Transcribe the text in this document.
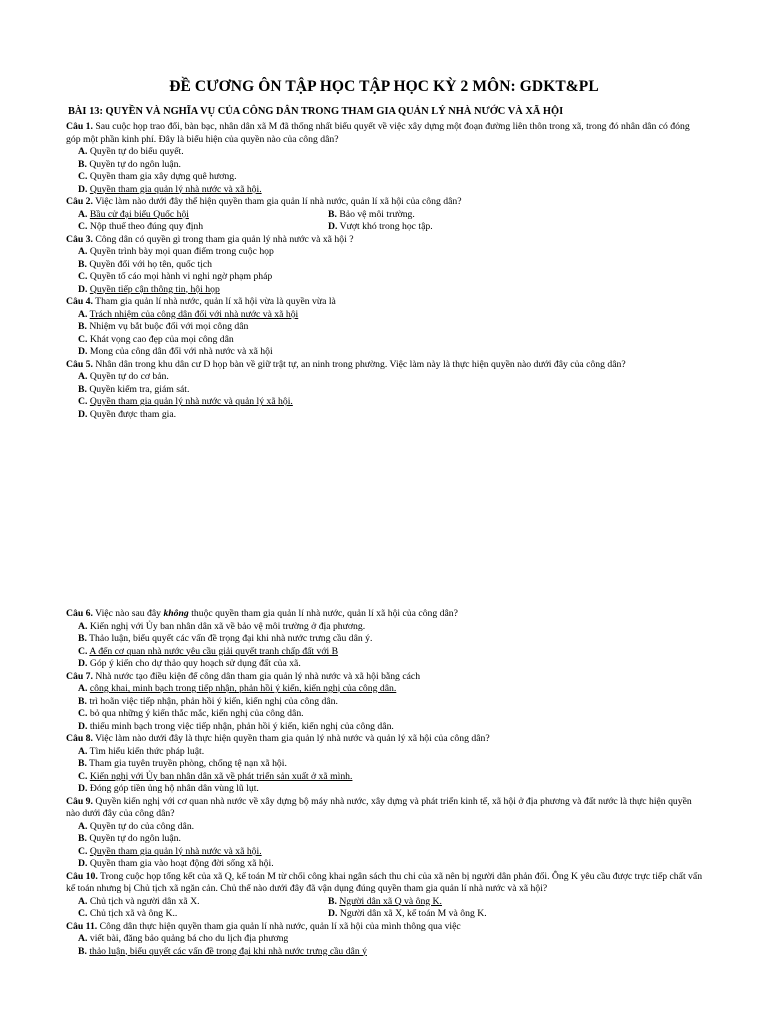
ĐỀ CƯƠNG ÔN TẬP HỌC TẬP HỌC KỲ 2 MÔN: GDKT&PL
BÀI 13: QUYỀN VÀ NGHĨA VỤ CỦA CÔNG DÂN TRONG THAM GIA QUẢN LÝ NHÀ NƯỚC VÀ XÃ HỘI

Câu 1. Sau cuộc họp trao đổi, bàn bạc, nhân dân xã M đã thống nhất biểu quyết về việc xây dựng một đoạn đường liên thôn trong xã, trong đó nhân dân có đóng góp một phần kinh phí. Đây là biểu hiện của quyền nào của công dân?

A. Quyền tự do biểu quyết.

B. Quyền tự do ngôn luận.

C. Quyền tham gia xây dựng quê hương.

D. Quyền tham gia quản lý nhà nước và xã hội.

Câu 2. Việc làm nào dưới đây thể hiện quyền tham gia quản lí nhà nước, quản lí xã hội của công dân?

A. Bầu cử đại biểu Quốc hội	B. Bảo vệ môi trường.
C. Nộp thuế theo đúng quy định	D. Vượt khó trong học tập.

Câu 3. Công dân có quyền gì trong tham gia quản lý nhà nước và xã hội ?

A. Quyền trình bày mọi quan điểm trong cuộc họp

B. Quyền đổi với họ tên, quốc tịch

C. Quyền tố cáo mọi hành vi nghi ngờ phạm pháp

D. Quyền tiếp cận thông tin, hội họp

Câu 4. Tham gia quản lí nhà nước, quản lí xã hội vừa là quyền vừa là

A. Trách nhiệm của công dân đối với nhà nước và xã hội

B. Nhiệm vụ bắt buộc đối với mọi công dân

C. Khát vọng cao đẹp của mọi công dân

D. Mong của công dân đối với nhà nước và xã hội

Câu 5. Nhân dân trong khu dân cư D họp bàn về giữ trật tự, an ninh trong phường. Việc làm này là thực hiện quyền nào dưới đây của công dân?

A. Quyền tự do cơ bản.

B. Quyền kiểm tra, giám sát.

C. Quyền tham gia quản lý nhà nước và quản lý xã hội.

D. Quyền được tham gia.

Câu 6. Việc nào sau đây không thuộc quyền tham gia quản lí nhà nước, quản lí xã hội của công dân?

A. Kiến nghị với Ủy ban nhân dân xã về bảo vệ môi trường ở địa phương.

B. Thảo luận, biểu quyết các vấn đề trọng đại khi nhà nước trưng cầu dân ý.

C. A đến cơ quan nhà nước yêu cầu giải quyết tranh chấp đất với B

D. Góp ý kiến cho dự thảo quy hoạch sử dụng đất của xã.

Câu 7. Nhà nước tạo điều kiện để công dân tham gia quản lý nhà nước và xã hội bằng cách

A. công khai, minh bạch trong tiếp nhận, phản hồi ý kiến, kiến nghị của công dân.

B. trì hoãn việc tiếp nhận, phản hồi ý kiến, kiến nghị của công dân.

C. bỏ qua những ý kiến thắc mắc, kiến nghị của công dân.

D. thiếu minh bạch trong việc tiếp nhận, phản hồi ý kiến, kiến nghị của công dân.

Câu 8. Việc làm nào dưới đây là thực hiện quyền tham gia quản lý nhà nước và quản lý xã hội của công dân?

A. Tìm hiểu kiến thức pháp luật.

B. Tham gia tuyên truyền phòng, chống tệ nạn xã hội.

C. Kiến nghị với Ủy ban nhân dân xã về phát triển sản xuất ở xã mình.

D. Đóng góp tiền ủng hộ nhân dân vùng lũ lụt.

Câu 9. Quyền kiến nghị với cơ quan nhà nước về xây dựng bộ máy nhà nước, xây dựng và phát triển kinh tế, xã hội ở địa phương và đất nước là thực hiện quyền nào dưới đây của công dân?

A. Quyền tự do của công dân.

B. Quyền tự do ngôn luận.

C. Quyền tham gia quản lý nhà nước và xã hội.

D. Quyền tham gia vào hoạt động đời sống xã hội.

Câu 10. Trong cuộc họp tổng kết của xã Q, kế toán M từ chối công khai ngân sách thu chi của xã nên bị người dân phản đối. Ông K yêu cầu được trực tiếp chất vấn kế toán nhưng bị Chủ tịch xã ngăn cản. Chủ thể nào dưới đây đã vận dụng đúng quyền tham gia quản lí nhà nước và xã hội?

A. Chủ tịch và người dân xã X.	B. Người dân xã Q và ông K.
C. Chủ tịch xã và ông K..	D. Người dân xã X, kế toán M và ông K.

Câu 11. Công dân thực hiện quyền tham gia quản lí nhà nước, quản lí xã hội của mình thông qua việc

A. viết bài, đăng bảo quảng bá cho du lịch địa phương

B. thảo luận, biểu quyết các vấn đề trong đại khi nhà nước trưng cầu dân ý
